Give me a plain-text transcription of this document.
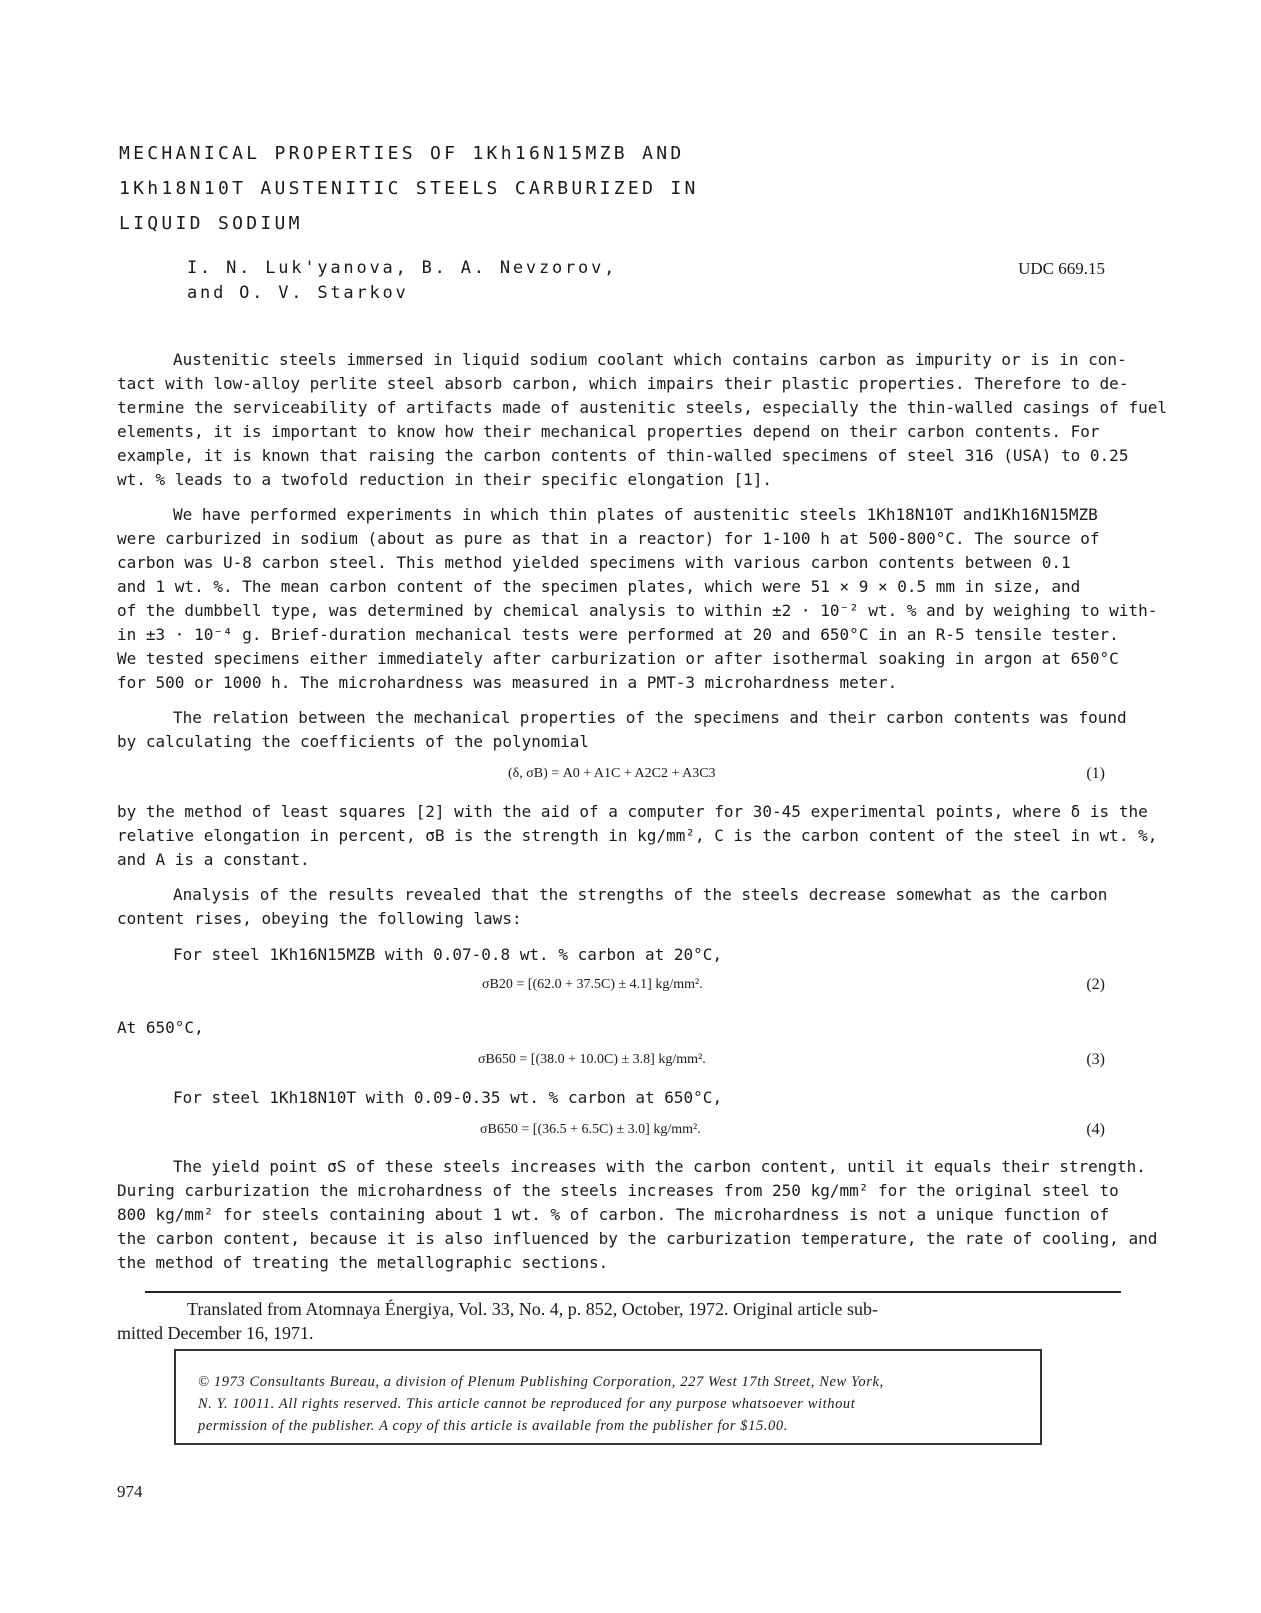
MECHANICAL PROPERTIES OF 1Kh16N15MZB AND
1Kh18N10T AUSTENITIC STEELS CARBURIZED IN
LIQUID SODIUM
I. N. Luk'yanova, B. A. Nevzorov,
and O. V. Starkov
UDC 669.15
Austenitic steels immersed in liquid sodium coolant which contains carbon as impurity or is in con-
tact with low-alloy perlite steel absorb carbon, which impairs their plastic properties. Therefore to de-
termine the serviceability of artifacts made of austenitic steels, especially the thin-walled casings of fuel
elements, it is important to know how their mechanical properties depend on their carbon contents. For
example, it is known that raising the carbon contents of thin-walled specimens of steel 316 (USA) to 0.25
wt. % leads to a twofold reduction in their specific elongation [1].
We have performed experiments in which thin plates of austenitic steels 1Kh18N10T and1Kh16N15MZB
were carburized in sodium (about as pure as that in a reactor) for 1-100 h at 500-800°C. The source of
carbon was U-8 carbon steel. This method yielded specimens with various carbon contents between 0.1
and 1 wt. %. The mean carbon content of the specimen plates, which were 51 × 9 × 0.5 mm in size, and
of the dumbbell type, was determined by chemical analysis to within ±2 · 10⁻² wt. % and by weighing to with-
in ±3 · 10⁻⁴ g. Brief-duration mechanical tests were performed at 20 and 650°C in an R-5 tensile tester.
We tested specimens either immediately after carburization or after isothermal soaking in argon at 650°C
for 500 or 1000 h. The microhardness was measured in a PMT-3 microhardness meter.
The relation between the mechanical properties of the specimens and their carbon contents was found
by calculating the coefficients of the polynomial
(δ, σB) = A0 + A1C + A2C2 + A3C3	(1)
by the method of least squares [2] with the aid of a computer for 30-45 experimental points, where δ is the
relative elongation in percent, σB is the strength in kg/mm², C is the carbon content of the steel in wt. %,
and A is a constant.
Analysis of the results revealed that the strengths of the steels decrease somewhat as the carbon
content rises, obeying the following laws:
For steel 1Kh16N15MZB with 0.07-0.8 wt. % carbon at 20°C,
σB20 = [(62.0 + 37.5C) ± 4.1] kg/mm².	(2)
At 650°C,
σB650 = [(38.0 + 10.0C) ± 3.8] kg/mm².	(3)
For steel 1Kh18N10T with 0.09-0.35 wt. % carbon at 650°C,
σB650 = [(36.5 + 6.5C) ± 3.0] kg/mm².	(4)
The yield point σS of these steels increases with the carbon content, until it equals their strength.
During carburization the microhardness of the steels increases from 250 kg/mm² for the original steel to
800 kg/mm² for steels containing about 1 wt. % of carbon. The microhardness is not a unique function of
the carbon content, because it is also influenced by the carburization temperature, the rate of cooling, and
the method of treating the metallographic sections.
Translated from Atomnaya Énergiya, Vol. 33, No. 4, p. 852, October, 1972. Original article sub-
mitted December 16, 1971.
© 1973 Consultants Bureau, a division of Plenum Publishing Corporation, 227 West 17th Street, New York,
N. Y. 10011. All rights reserved. This article cannot be reproduced for any purpose whatsoever without
permission of the publisher. A copy of this article is available from the publisher for $15.00.
974
